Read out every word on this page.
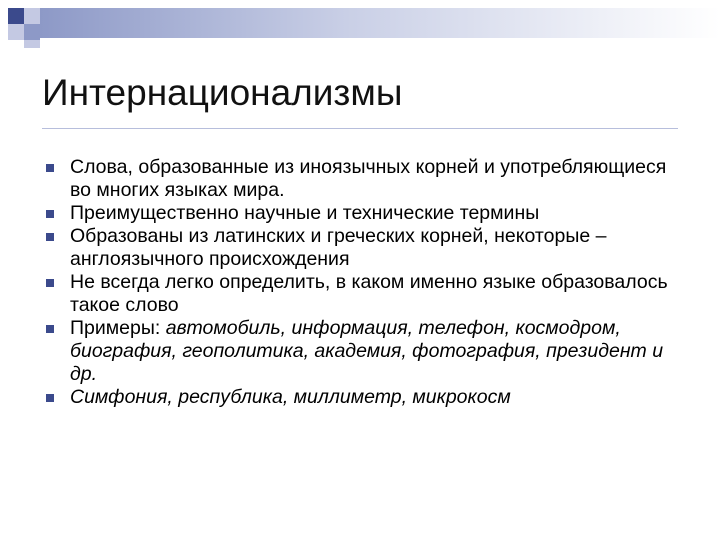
Интернационализмы
Слова, образованные из иноязычных корней и употребляющиеся во многих языках мира.
Преимущественно научные и технические термины
Образованы из латинских и греческих корней, некоторые – англоязычного происхождения
Не всегда легко определить, в каком именно языке образовалось такое слово
Примеры: автомобиль, информация, телефон, космодром, биография, геополитика, академия, фотография, президент и др.
Симфония, республика, миллиметр, микрокосм
